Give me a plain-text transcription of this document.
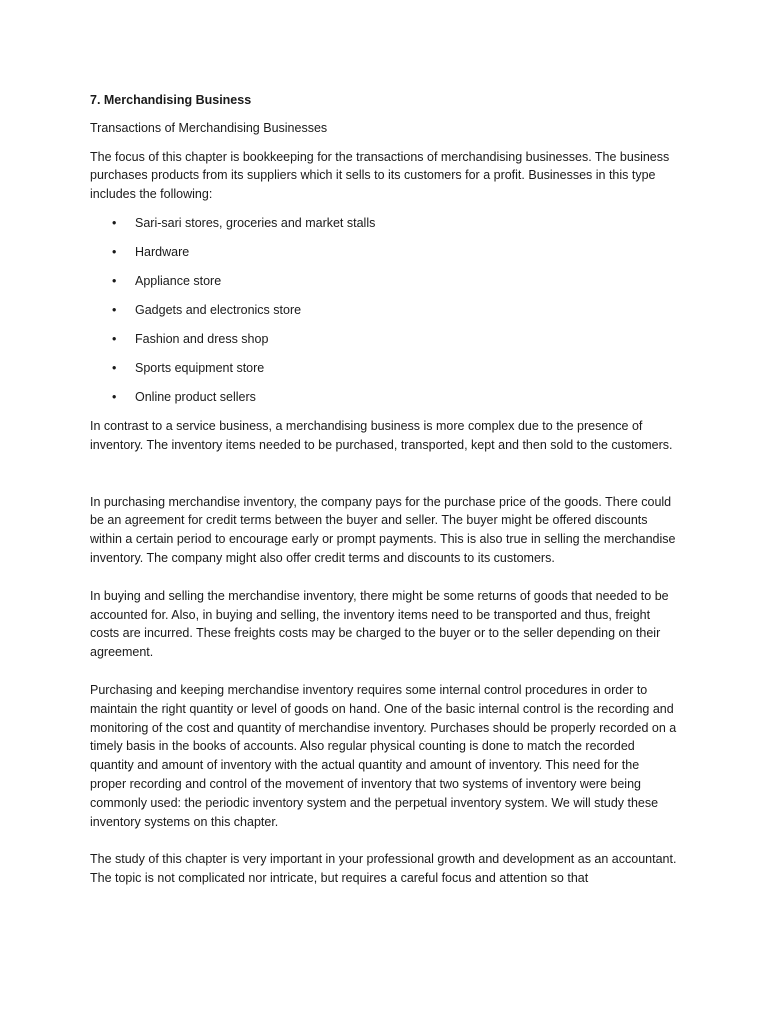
7. Merchandising Business

Transactions of Merchandising Businesses

The focus of this chapter is bookkeeping for the transactions of merchandising businesses. The business purchases products from its suppliers which it sells to its customers for a profit. Businesses in this type includes the following:

• Sari-sari stores, groceries and market stalls
• Hardware
• Appliance store
• Gadgets and electronics store
• Fashion and dress shop
• Sports equipment store
• Online product sellers

In contrast to a service business, a merchandising business is more complex due to the presence of inventory. The inventory items needed to be purchased, transported, kept and then sold to the customers.

In purchasing merchandise inventory, the company pays for the purchase price of the goods. There could be an agreement for credit terms between the buyer and seller. The buyer might be offered discounts within a certain period to encourage early or prompt payments. This is also true in selling the merchandise inventory. The company might also offer credit terms and discounts to its customers.

In buying and selling the merchandise inventory, there might be some returns of goods that needed to be accounted for. Also, in buying and selling, the inventory items need to be transported and thus, freight costs are incurred. These freights costs may be charged to the buyer or to the seller depending on their agreement.

Purchasing and keeping merchandise inventory requires some internal control procedures in order to maintain the right quantity or level of goods on hand. One of the basic internal control is the recording and monitoring of the cost and quantity of merchandise inventory. Purchases should be properly recorded on a timely basis in the books of accounts. Also regular physical counting is done to match the recorded quantity and amount of inventory with the actual quantity and amount of inventory. This need for the proper recording and control of the movement of inventory that two systems of inventory were being commonly used: the periodic inventory system and the perpetual inventory system. We will study these inventory systems on this chapter.

The study of this chapter is very important in your professional growth and development as an accountant. The topic is not complicated nor intricate, but requires a careful focus and attention so that
